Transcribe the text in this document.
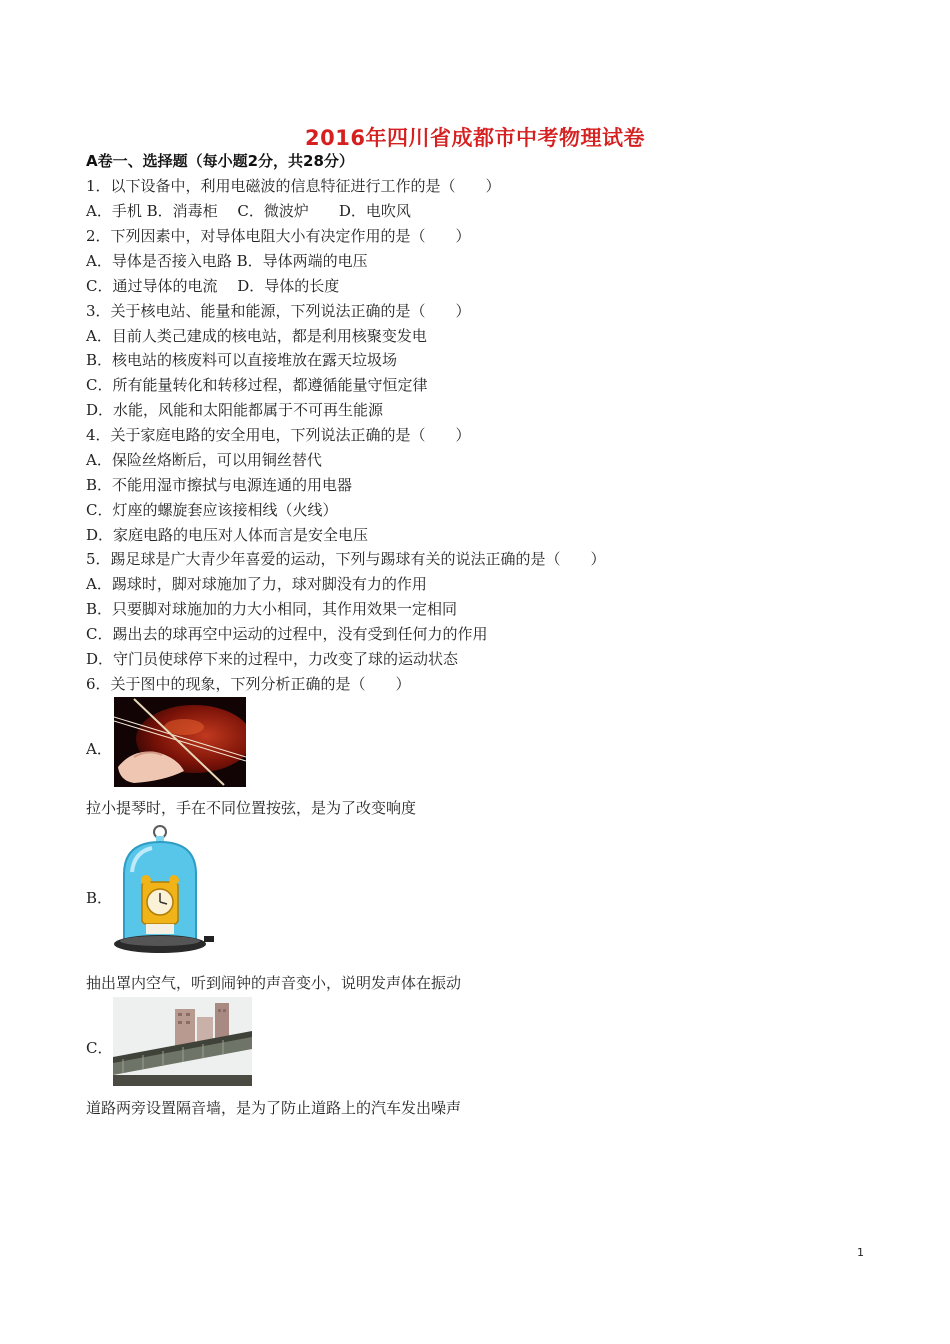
2016年四川省成都市中考物理试卷
A卷一、选择题（每小题2分，共28分）
1．以下设备中，利用电磁波的信息特征进行工作的是（　　）
A．手机 B．消毒柜　 C．微波炉　　D．电吹风
2．下列因素中，对导体电阻大小有决定作用的是（　　）
A．导体是否接入电路 B．导体两端的电压
C．通过导体的电流　 D．导体的长度
3．关于核电站、能量和能源，下列说法正确的是（　　）
A．目前人类己建成的核电站，都是利用核聚变发电
B．核电站的核废料可以直接堆放在露天垃圾场
C．所有能量转化和转移过程，都遵循能量守恒定律
D．水能，风能和太阳能都属于不可再生能源
4．关于家庭电路的安全用电，下列说法正确的是（　　）
A．保险丝烙断后，可以用铜丝替代
B．不能用湿市擦拭与电源连通的用电器
C．灯座的螺旋套应该接相线（火线）
D．家庭电路的电压对人体而言是安全电压
5．踢足球是广大青少年喜爱的运动，下列与踢球有关的说法正确的是（　　）
A．踢球时，脚对球施加了力，球对脚没有力的作用
B．只要脚对球施加的力大小相同，其作用效果一定相同
C．踢出去的球再空中运动的过程中，没有受到任何力的作用
D．守门员使球停下来的过程中，力改变了球的运动状态
6．关于图中的现象，下列分析正确的是（　　）
A．
拉小提琴时，手在不同位置按弦，是为了改变响度
B．
抽出罩内空气，听到闹钟的声音变小，说明发声体在振动
C．
道路两旁设置隔音墙，是为了防止道路上的汽车发出噪声
1
